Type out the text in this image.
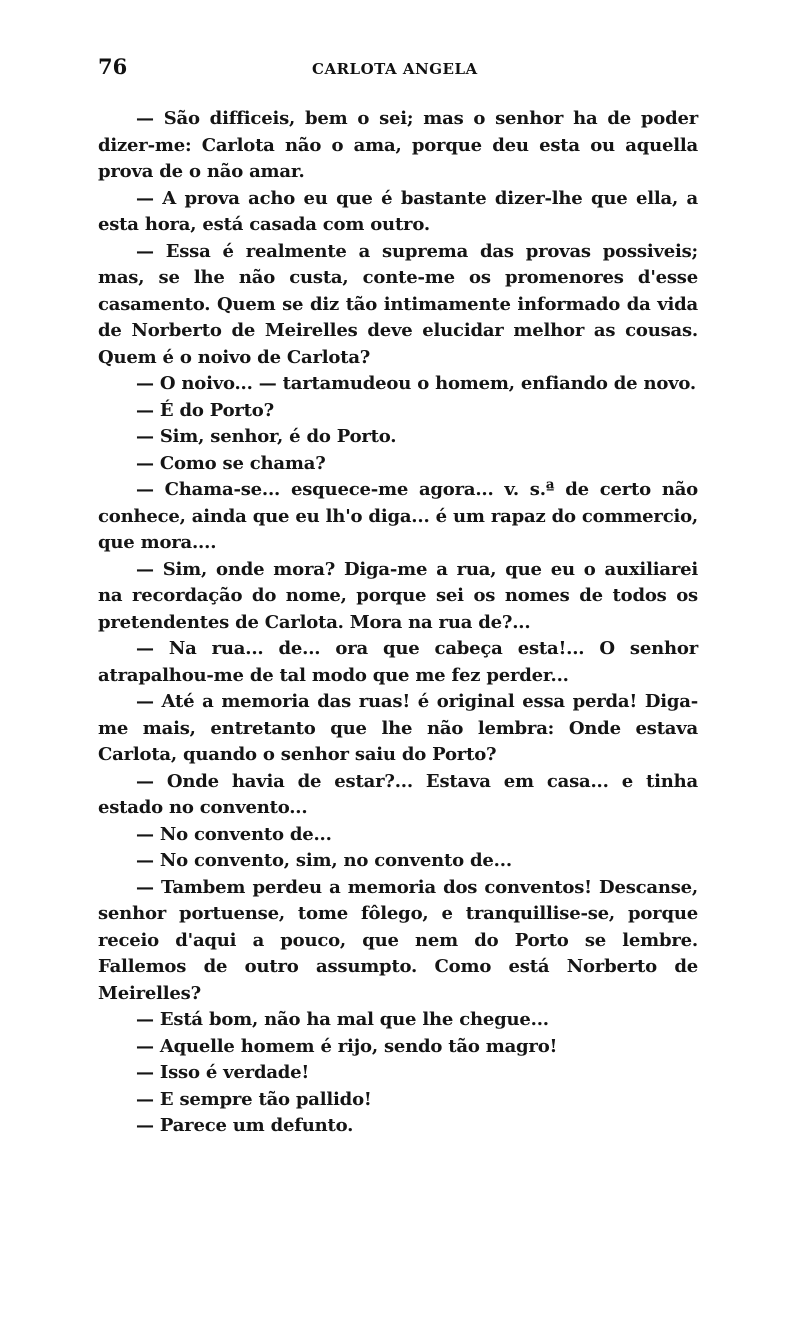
76	CARLOTA ANGELA

— São difficeis, bem o sei; mas o senhor ha de poder dizer-me: Carlota não o ama, porque deu esta ou aquella prova de o não amar.

— A prova acho eu que é bastante dizer-lhe que ella, a esta hora, está casada com outro.

— Essa é realmente a suprema das provas possiveis; mas, se lhe não custa, conte-me os promenores d'esse casamento. Quem se diz tão intimamente informado da vida de Norberto de Meirelles deve elucidar melhor as cousas. Quem é o noivo de Carlota?

— O noivo... — tartamudeou o homem, enfiando de novo.

— É do Porto?

— Sim, senhor, é do Porto.

— Como se chama?

— Chama-se... esquece-me agora... v. s.ª de certo não conhece, ainda que eu lh'o diga... é um rapaz do commercio, que mora....

— Sim, onde mora? Diga-me a rua, que eu o auxiliarei na recordação do nome, porque sei os nomes de todos os pretendentes de Carlota. Mora na rua de?...

— Na rua... de... ora que cabeça esta!... O senhor atrapalhou-me de tal modo que me fez perder...

— Até a memoria das ruas! é original essa perda! Diga-me mais, entretanto que lhe não lembra: Onde estava Carlota, quando o senhor saiu do Porto?

— Onde havia de estar?... Estava em casa... e tinha estado no convento...

— No convento de...

— No convento, sim, no convento de...

— Tambem perdeu a memoria dos conventos! Descanse, senhor portuense, tome fôlego, e tranquillise-se, porque receio d'aqui a pouco, que nem do Porto se lembre. Fallemos de outro assumpto. Como está Norberto de Meirelles?

— Está bom, não ha mal que lhe chegue...

— Aquelle homem é rijo, sendo tão magro!

— Isso é verdade!

— E sempre tão pallido!

— Parece um defunto.
